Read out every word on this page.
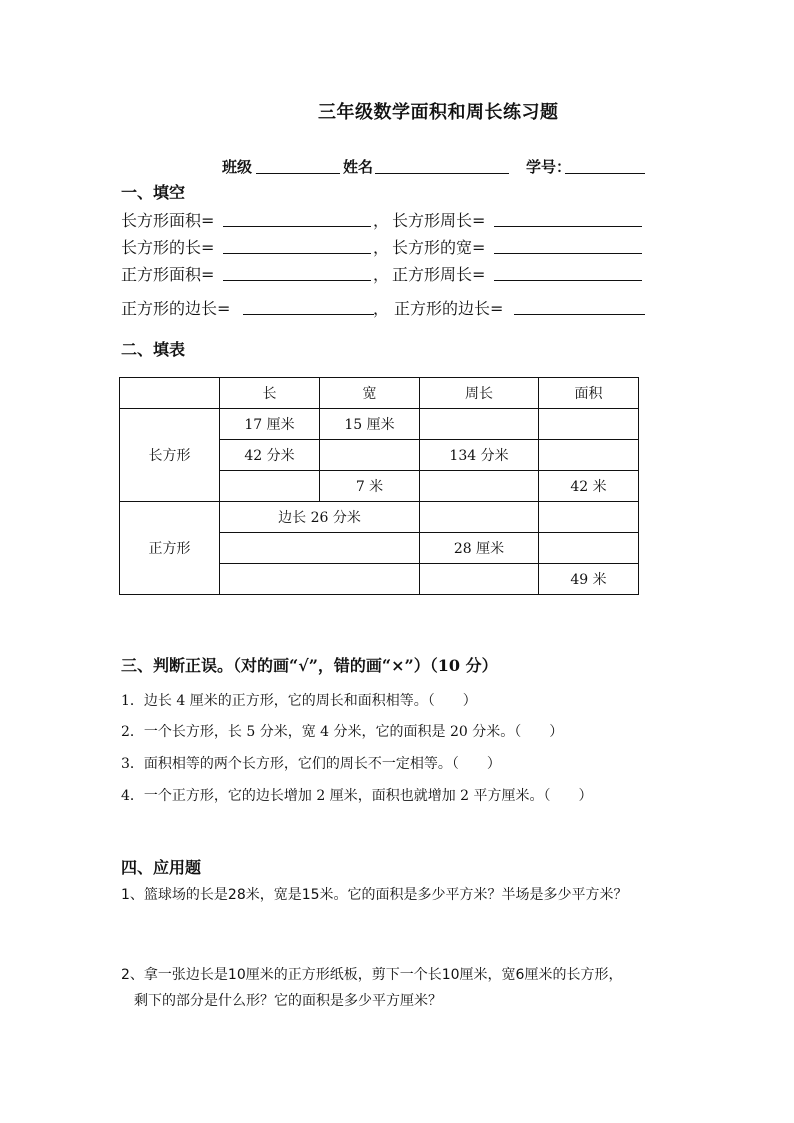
三年级数学面积和周长练习题
班级	姓名	学号：
一、填空
长方形面积=	， 长方形周长=
长方形的长=	， 长方形的宽=
正方形面积=	， 正方形周长=
正方形的边长=	， 正方形的边长=
二、填表
	长	宽	周长	面积
长方形	17 厘米	15 厘米		
	42 分米		134 分米	
		7 米		42 米
正方形	边长 26 分米			
			28 厘米	
				49 米
三、判断正误。（对的画“√”，错的画“×”）（10 分）
1．边长 4 厘米的正方形，它的周长和面积相等。（　　）
2．一个长方形，长 5 分米，宽 4 分米，它的面积是 20 分米。（　　）
3．面积相等的两个长方形，它们的周长不一定相等。（　　）
4．一个正方形，它的边长增加 2 厘米，面积也就增加 2 平方厘米。（　　）
四、应用题
1、篮球场的长是28米，宽是15米。它的面积是多少平方米？半场是多少平方米？
2、拿一张边长是10厘米的正方形纸板，剪下一个长10厘米，宽6厘米的长方形，
剩下的部分是什么形？它的面积是多少平方厘米？
